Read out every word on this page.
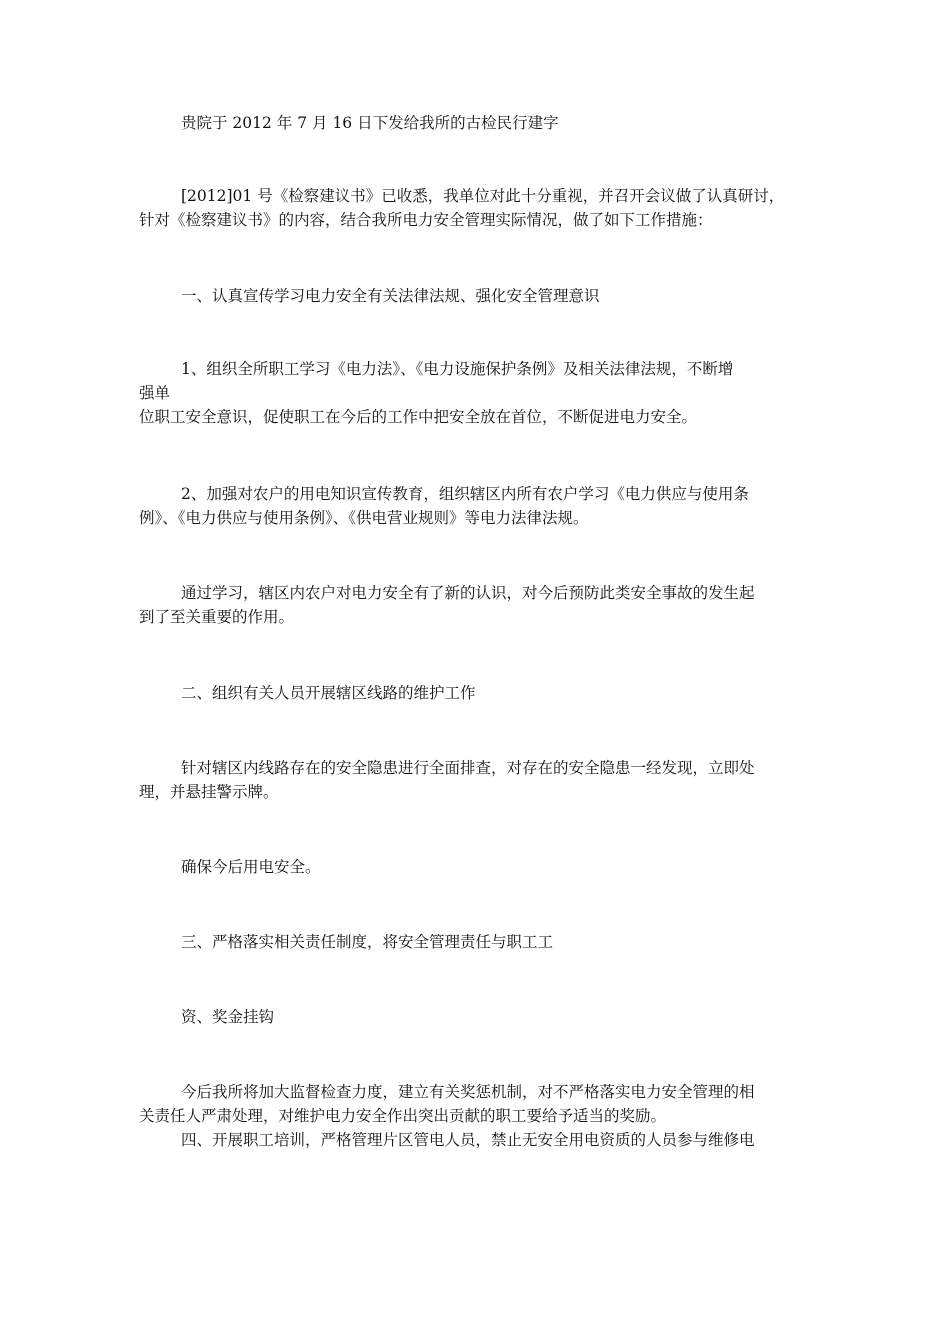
贵院于 2012 年 7 月 16 日下发给我所的古检民行建字
[2012]01 号《检察建议书》已收悉，我单位对此十分重视，并召开会议做了认真研讨，
针对《检察建议书》的内容，结合我所电力安全管理实际情况，做了如下工作措施：
一、认真宣传学习电力安全有关法律法规、强化安全管理意识
1、组织全所职工学习《电力法》、《电力设施保护条例》及相关法律法规，不断增
强单
位职工安全意识，促使职工在今后的工作中把安全放在首位，不断促进电力安全。
2、加强对农户的用电知识宣传教育，组织辖区内所有农户学习《电力供应与使用条
例》、《电力供应与使用条例》、《供电营业规则》等电力法律法规。
通过学习，辖区内农户对电力安全有了新的认识，对今后预防此类安全事故的发生起
到了至关重要的作用。
二、组织有关人员开展辖区线路的维护工作
针对辖区内线路存在的安全隐患进行全面排查，对存在的安全隐患一经发现，立即处
理，并悬挂警示牌。
确保今后用电安全。
三、严格落实相关责任制度，将安全管理责任与职工工
资、奖金挂钩
今后我所将加大监督检查力度，建立有关奖惩机制，对不严格落实电力安全管理的相
关责任人严肃处理，对维护电力安全作出突出贡献的职工要给予适当的奖励。
四、开展职工培训，严格管理片区管电人员，禁止无安全用电资质的人员参与维修电
